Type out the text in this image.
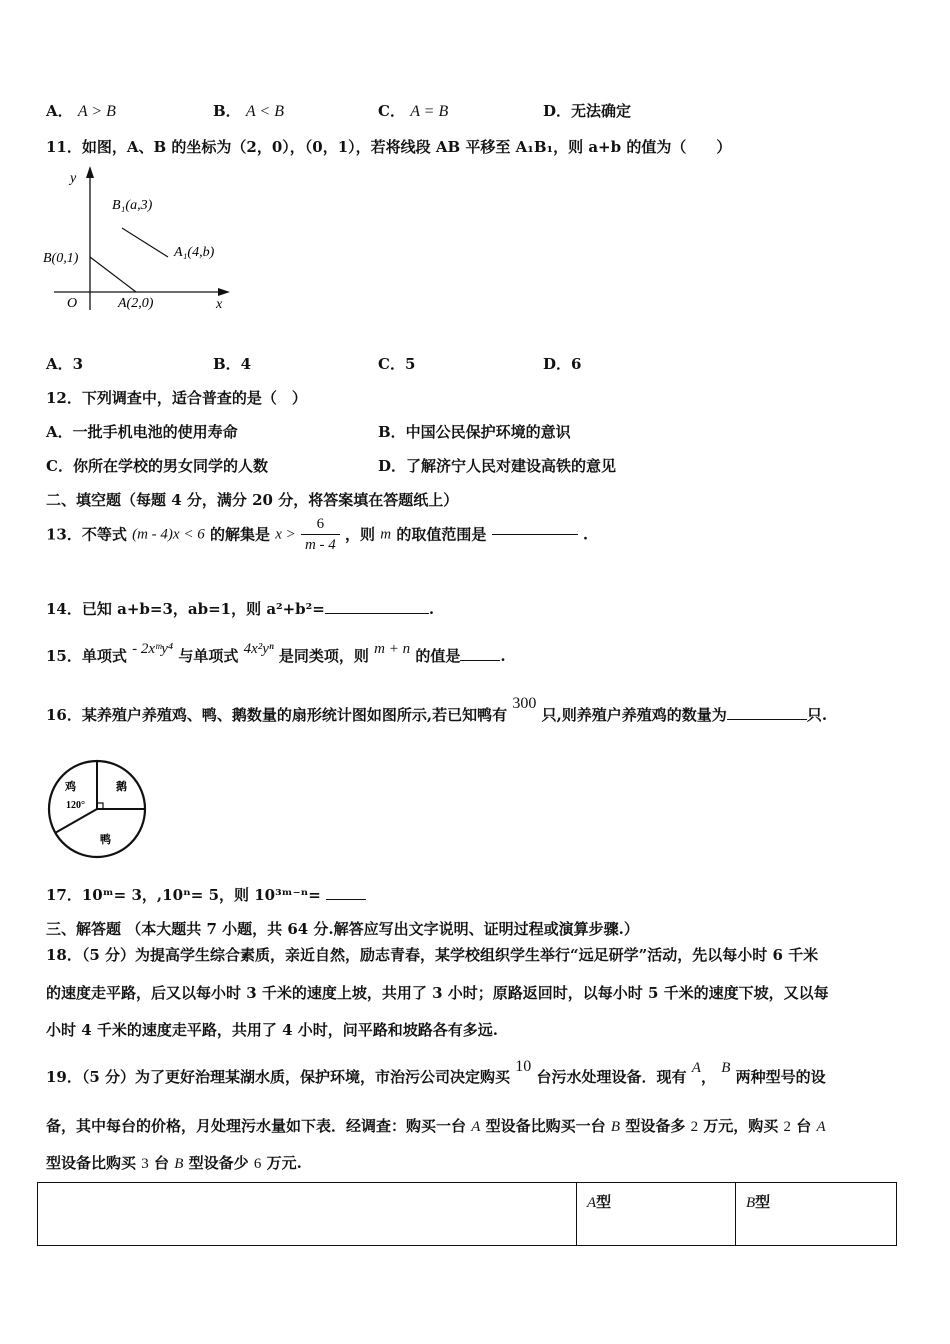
A． A > B	B． A < B	C． A = B	D．无法确定
11．如图，A、B 的坐标为（2，0），（0，1），若将线段 AB 平移至 A₁B₁，则 a+b 的值为（　　）
y
x
O
B(0,1)
A(2,0)
B₁(a,3)
A₁(4,b)
A．3	B．4	C．5	D．6
12．下列调查中，适合普查的是（　）
A．一批手机电池的使用寿命	B．中国公民保护环境的意识
C．你所在学校的男女同学的人数	D．了解济宁人民对建设高铁的意见
二、填空题（每题 4 分，满分 20 分，将答案填在答题纸上）
13．不等式 (m - 4)x < 6 的解集是 $x > \frac{6}{m - 4}$ ，则 m 的取值范围是	.
14．已知 a+b=3，ab=1，则 a²+b²=	.
15．单项式 - 2xᵐy⁴ 与单项式 4x²yⁿ 是同类项，则 m + n 的值是	.
16．某养殖户养殖鸡、鸭、鹅数量的扇形统计图如图所示,若已知鸭有 300 只,则养殖户养殖鸡的数量为	只.
鸡	鹅
鸭
120°
17．10ᵐ= 3，,10ⁿ= 5，则 10³ᵐ⁻ⁿ=
三、解答题 （本大题共 7 小题，共 64 分.解答应写出文字说明、证明过程或演算步骤.）
18．（5 分）为提高学生综合素质，亲近自然，励志青春，某学校组织学生举行“远足研学”活动，先以每小时 6 千米
的速度走平路，后又以每小时 3 千米的速度上坡，共用了 3 小时；原路返回时，以每小时 5 千米的速度下坡，又以每
小时 4 千米的速度走平路，共用了 4 小时，问平路和坡路各有多远.
19．（5 分）为了更好治理某湖水质，保护环境，市治污公司决定购买 10 台污水处理设备．现有 A， B 两种型号的设
备，其中每台的价格，月处理污水量如下表．经调查：购买一台 A 型设备比购买一台 B 型设备多 2 万元，购买 2 台 A
型设备比购买 3 台 B 型设备少 6 万元.
	A型	B型
